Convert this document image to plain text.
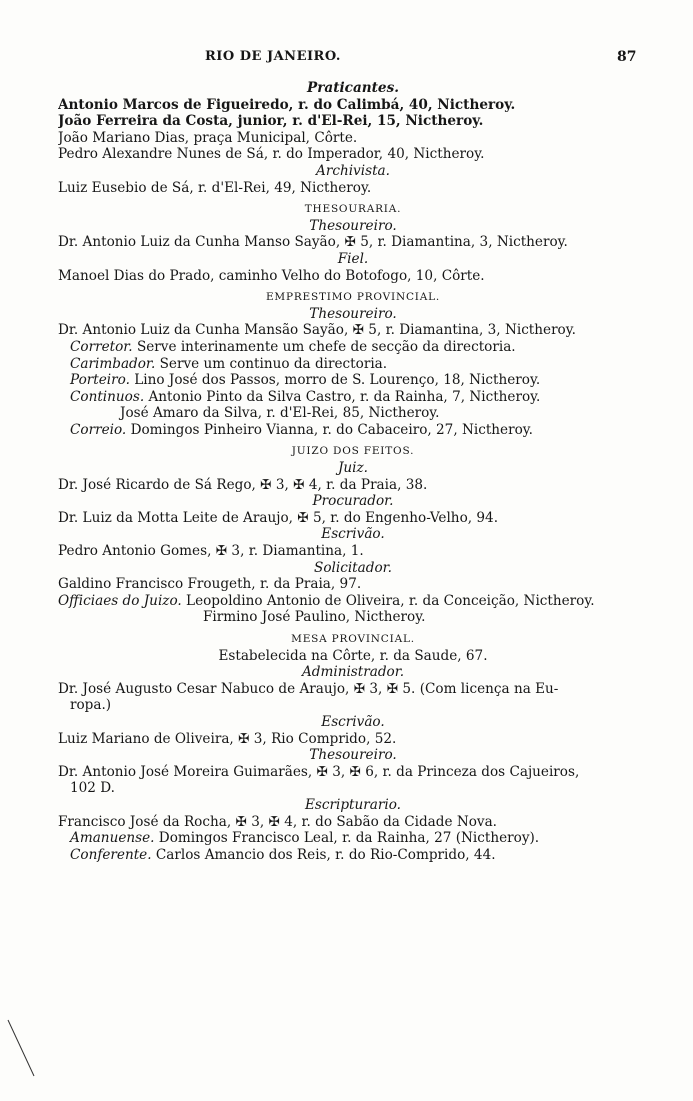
RIO DE JANEIRO.	87
Praticantes.
Antonio Marcos de Figueiredo, r. do Calimbá, 40, Nictheroy.
João Ferreira da Costa, junior, r. d'El-Rei, 15, Nictheroy.
João Mariano Dias, praça Municipal, Côrte.
Pedro Alexandre Nunes de Sá, r. do Imperador, 40, Nictheroy.
Archivista.
Luiz Eusebio de Sá, r. d'El-Rei, 49, Nictheroy.
THESOURARIA.
Thesoureiro.
Dr. Antonio Luiz da Cunha Manso Sayão, ✠ 5, r. Diamantina, 3, Nictheroy.
Fiel.
Manoel Dias do Prado, caminho Velho do Botofogo, 10, Côrte.
EMPRESTIMO PROVINCIAL.
Thesoureiro.
Dr. Antonio Luiz da Cunha Mansão Sayão, ✠ 5, r. Diamantina, 3, Nictheroy.
Corretor. Serve interinamente um chefe de secção da directoria.
Carimbador. Serve um continuo da directoria.
Porteiro. Lino José dos Passos, morro de S. Lourenço, 18, Nictheroy.
Continuos. Antonio Pinto da Silva Castro, r. da Rainha, 7, Nictheroy.
José Amaro da Silva, r. d'El-Rei, 85, Nictheroy.
Correio. Domingos Pinheiro Vianna, r. do Cabaceiro, 27, Nictheroy.
JUIZO DOS FEITOS.
Juiz.
Dr. José Ricardo de Sá Rego, ✠ 3, ✠ 4, r. da Praia, 38.
Procurador.
Dr. Luiz da Motta Leite de Araujo, ✠ 5, r. do Engenho-Velho, 94.
Escrivão.
Pedro Antonio Gomes, ✠ 3, r. Diamantina, 1.
Solicitador.
Galdino Francisco Frougeth, r. da Praia, 97.
Officiaes do Juizo. Leopoldino Antonio de Oliveira, r. da Conceição, Nictheroy.
Firmino José Paulino, Nictheroy.
MESA PROVINCIAL.
Estabelecida na Côrte, r. da Saude, 67.
Administrador.
Dr. José Augusto Cesar Nabuco de Araujo, ✠ 3, ✠ 5. (Com licença na Eu-
ropa.)
Escrivão.
Luiz Mariano de Oliveira, ✠ 3, Rio Comprido, 52.
Thesoureiro.
Dr. Antonio José Moreira Guimarães, ✠ 3, ✠ 6, r. da Princeza dos Cajueiros,
102 D.
Escripturario.
Francisco José da Rocha, ✠ 3, ✠ 4, r. do Sabão da Cidade Nova.
Amanuense. Domingos Francisco Leal, r. da Rainha, 27 (Nictheroy).
Conferente. Carlos Amancio dos Reis, r. do Rio-Comprido, 44.
